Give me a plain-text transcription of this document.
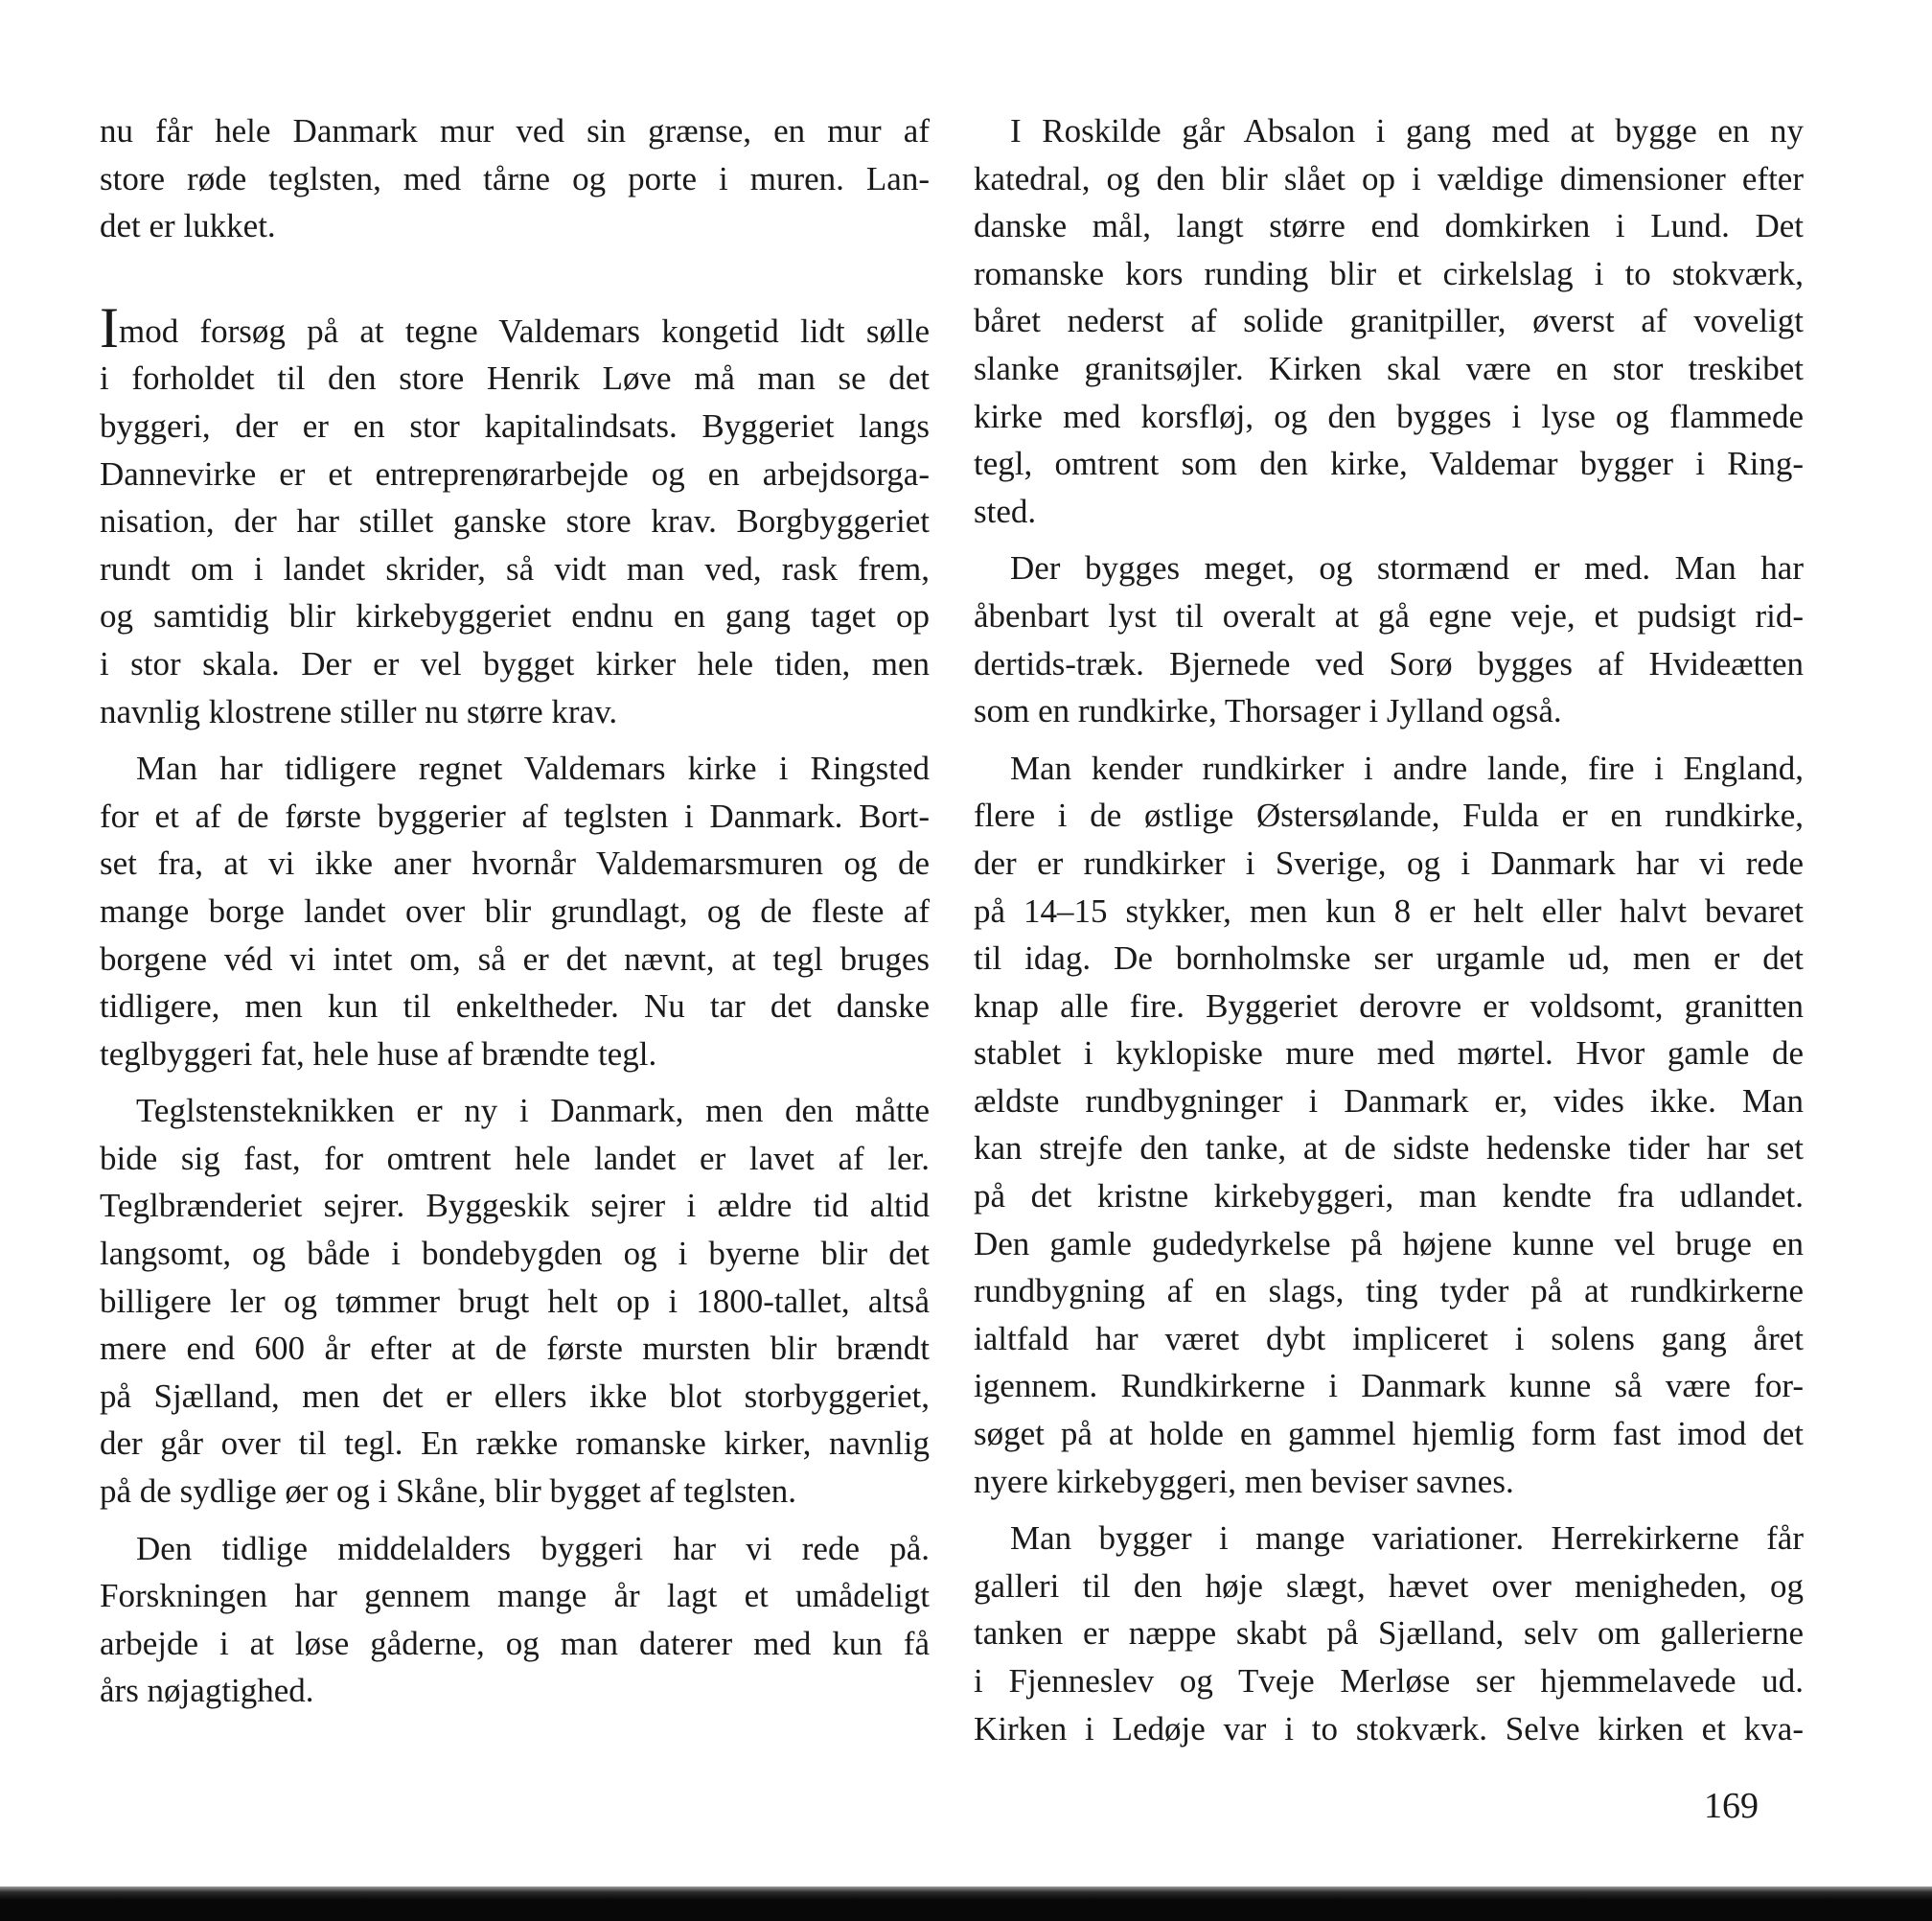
nu får hele Danmark mur ved sin grænse, en mur af
store røde teglsten, med tårne og porte i muren. Lan-
det er lukket.
Imod forsøg på at tegne Valdemars kongetid lidt sølle
i forholdet til den store Henrik Løve må man se det
byggeri, der er en stor kapitalindsats. Byggeriet langs
Dannevirke er et entreprenørarbejde og en arbejdsorga-
nisation, der har stillet ganske store krav. Borgbyggeriet
rundt om i landet skrider, så vidt man ved, rask frem,
og samtidig blir kirkebyggeriet endnu en gang taget op
i stor skala. Der er vel bygget kirker hele tiden, men
navnlig klostrene stiller nu større krav.
Man har tidligere regnet Valdemars kirke i Ringsted
for et af de første byggerier af teglsten i Danmark. Bort-
set fra, at vi ikke aner hvornår Valdemarsmuren og de
mange borge landet over blir grundlagt, og de fleste af
borgene véd vi intet om, så er det nævnt, at tegl bruges
tidligere, men kun til enkeltheder. Nu tar det danske
teglbyggeri fat, hele huse af brændte tegl.
Teglstensteknikken er ny i Danmark, men den måtte
bide sig fast, for omtrent hele landet er lavet af ler.
Teglbrænderiet sejrer. Byggeskik sejrer i ældre tid altid
langsomt, og både i bondebygden og i byerne blir det
billigere ler og tømmer brugt helt op i 1800-tallet, altså
mere end 600 år efter at de første mursten blir brændt
på Sjælland, men det er ellers ikke blot storbyggeriet,
der går over til tegl. En række romanske kirker, navnlig
på de sydlige øer og i Skåne, blir bygget af teglsten.
Den tidlige middelalders byggeri har vi rede på.
Forskningen har gennem mange år lagt et umådeligt
arbejde i at løse gåderne, og man daterer med kun få
års nøjagtighed.
I Roskilde går Absalon i gang med at bygge en ny
katedral, og den blir slået op i vældige dimensioner efter
danske mål, langt større end domkirken i Lund. Det
romanske kors runding blir et cirkelslag i to stokværk,
båret nederst af solide granitpiller, øverst af voveligt
slanke granitsøjler. Kirken skal være en stor treskibet
kirke med korsfløj, og den bygges i lyse og flammede
tegl, omtrent som den kirke, Valdemar bygger i Ring-
sted.
Der bygges meget, og stormænd er med. Man har
åbenbart lyst til overalt at gå egne veje, et pudsigt rid-
dertids-træk. Bjernede ved Sorø bygges af Hvideætten
som en rundkirke, Thorsager i Jylland også.
Man kender rundkirker i andre lande, fire i England,
flere i de østlige Østersølande, Fulda er en rundkirke,
der er rundkirker i Sverige, og i Danmark har vi rede
på 14–15 stykker, men kun 8 er helt eller halvt bevaret
til idag. De bornholmske ser urgamle ud, men er det
knap alle fire. Byggeriet derovre er voldsomt, granitten
stablet i kyklopiske mure med mørtel. Hvor gamle de
ældste rundbygninger i Danmark er, vides ikke. Man
kan strejfe den tanke, at de sidste hedenske tider har set
på det kristne kirkebyggeri, man kendte fra udlandet.
Den gamle gudedyrkelse på højene kunne vel bruge en
rundbygning af en slags, ting tyder på at rundkirkerne
ialtfald har været dybt impliceret i solens gang året
igennem. Rundkirkerne i Danmark kunne så være for-
søget på at holde en gammel hjemlig form fast imod det
nyere kirkebyggeri, men beviser savnes.
Man bygger i mange variationer. Herrekirkerne får
galleri til den høje slægt, hævet over menigheden, og
tanken er næppe skabt på Sjælland, selv om gallerierne
i Fjenneslev og Tveje Merløse ser hjemmelavede ud.
Kirken i Ledøje var i to stokværk. Selve kirken et kva-
169
